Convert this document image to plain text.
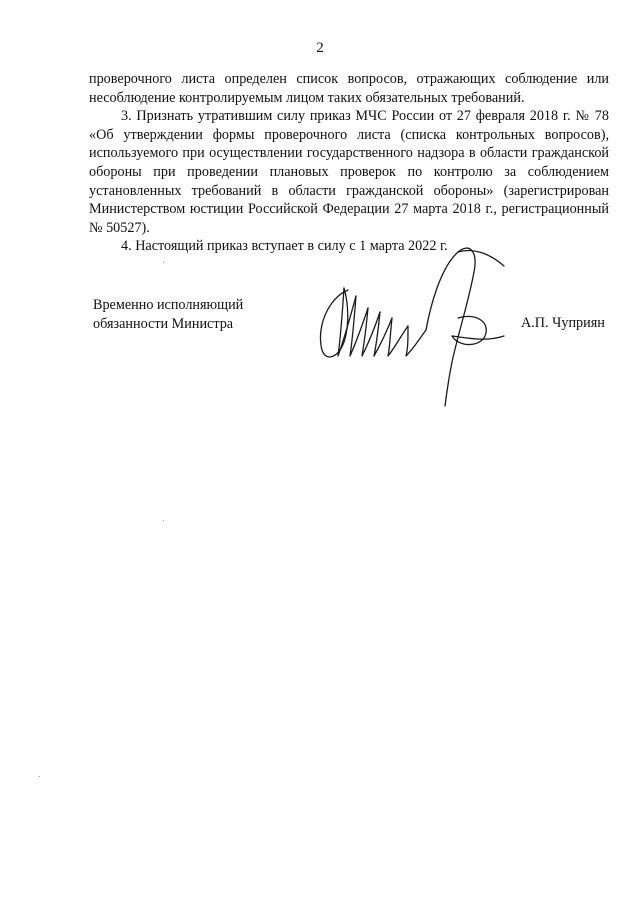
2

проверочного листа определен список вопросов, отражающих соблюдение или несоблюдение контролируемым лицом таких обязательных требований.

3. Признать утратившим силу приказ МЧС России от 27 февраля 2018 г. № 78 «Об утверждении формы проверочного листа (списка контрольных вопросов), используемого при осуществлении государственного надзора в области гражданской обороны при проведении плановых проверок по контролю за соблюдением установленных требований в области гражданской обороны» (зарегистрирован Министерством юстиции Российской Федерации 27 марта 2018 г., регистрационный № 50527).

4. Настоящий приказ вступает в силу с 1 марта 2022 г.

Временно исполняющий
обязанности Министра	А.П. Чуприян
